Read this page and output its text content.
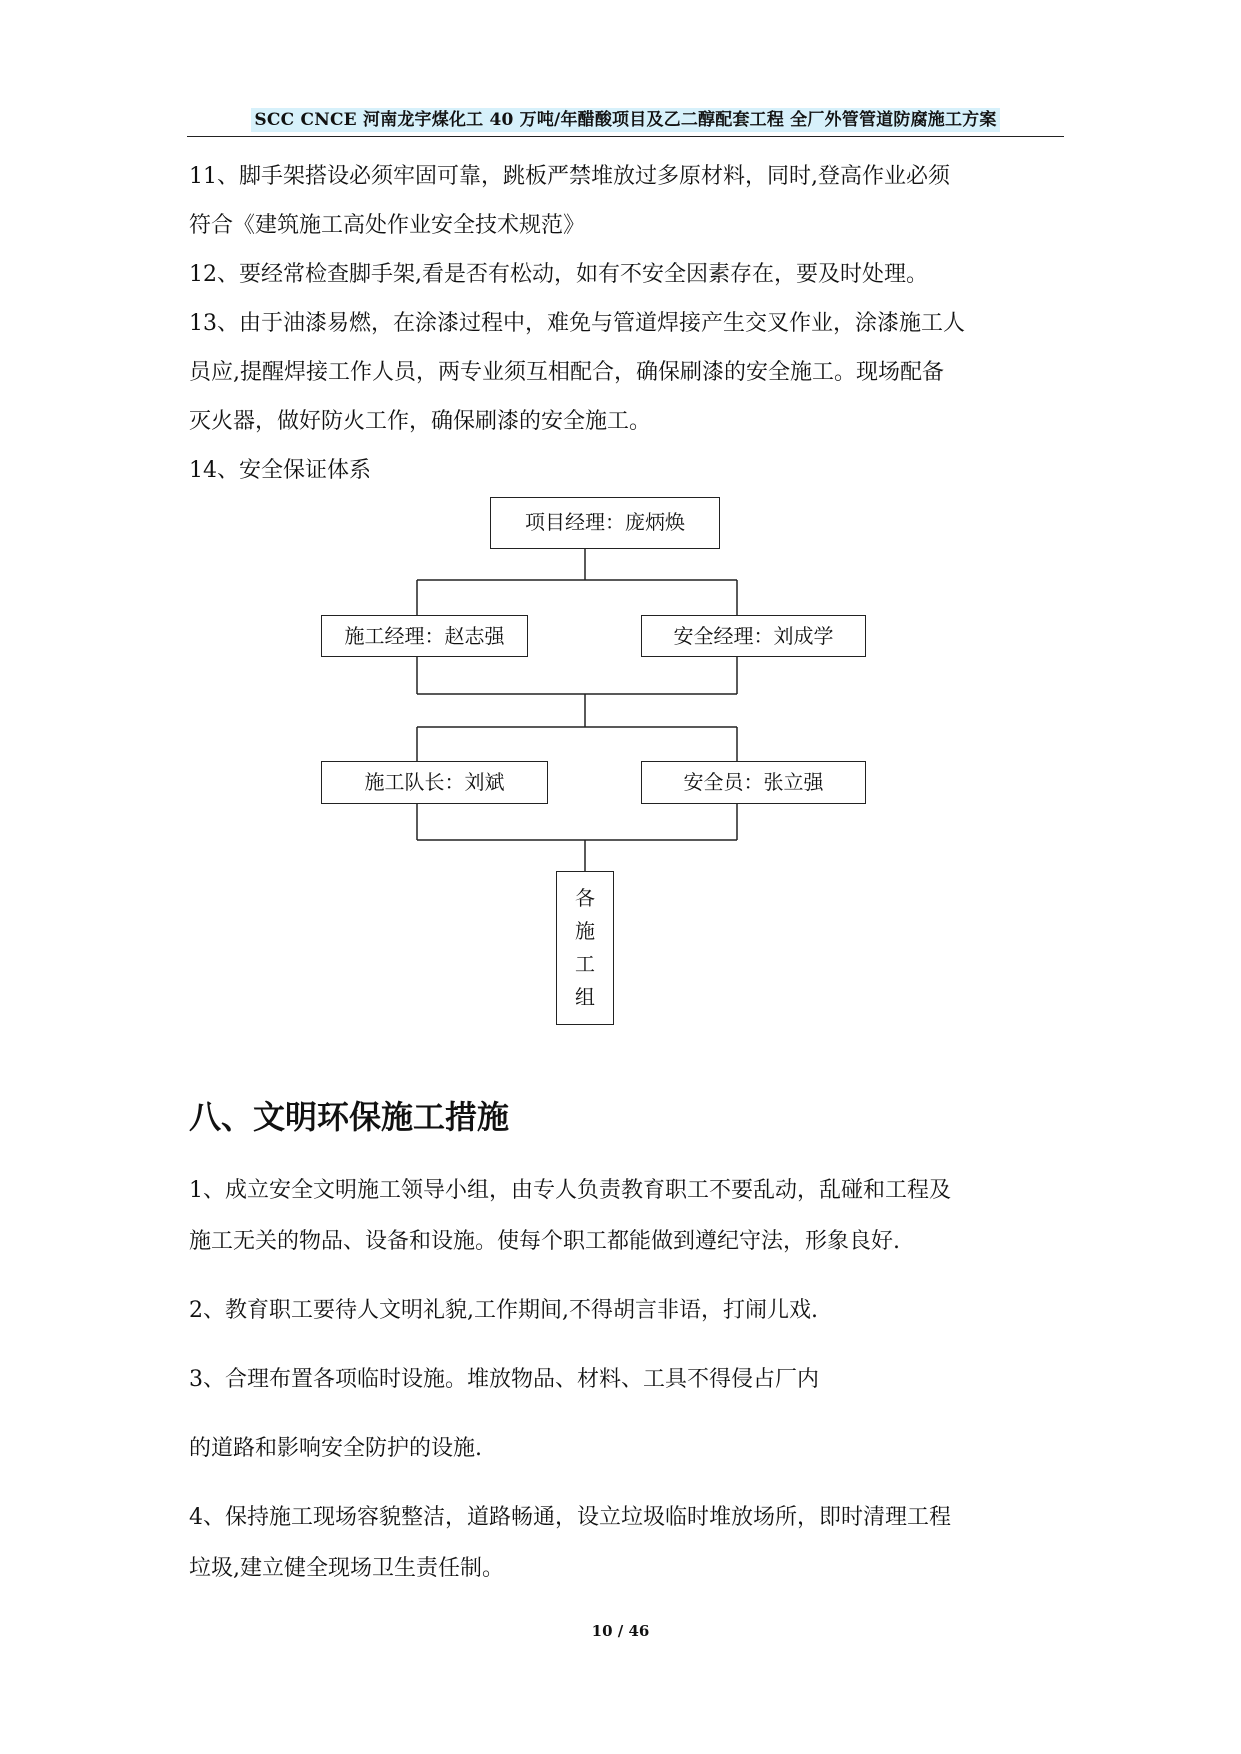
SCC CNCE 河南龙宇煤化工 40 万吨/年醋酸项目及乙二醇配套工程 全厂外管管道防腐施工方案
11、脚手架搭设必须牢固可靠，跳板严禁堆放过多原材料，同时,登高作业必须
符合《建筑施工高处作业安全技术规范》
12、要经常检查脚手架,看是否有松动，如有不安全因素存在，要及时处理。
13、由于油漆易燃，在涂漆过程中，难免与管道焊接产生交叉作业，涂漆施工人
员应,提醒焊接工作人员，两专业须互相配合，确保刷漆的安全施工。现场配备
灭火器，做好防火工作，确保刷漆的安全施工。
14、安全保证体系
项目经理：庞炳焕
施工经理：赵志强	安全经理：刘成学
施工队长：刘斌	安全员：张立强
各
施
工
组
八、文明环保施工措施
1、成立安全文明施工领导小组，由专人负责教育职工不要乱动，乱碰和工程及
施工无关的物品、设备和设施。使每个职工都能做到遵纪守法，形象良好.
2、教育职工要待人文明礼貌,工作期间,不得胡言非语，打闹儿戏.
3、合理布置各项临时设施。堆放物品、材料、工具不得侵占厂内
的道路和影响安全防护的设施.
4、保持施工现场容貌整洁，道路畅通，设立垃圾临时堆放场所，即时清理工程
垃圾,建立健全现场卫生责任制。
10 / 46
